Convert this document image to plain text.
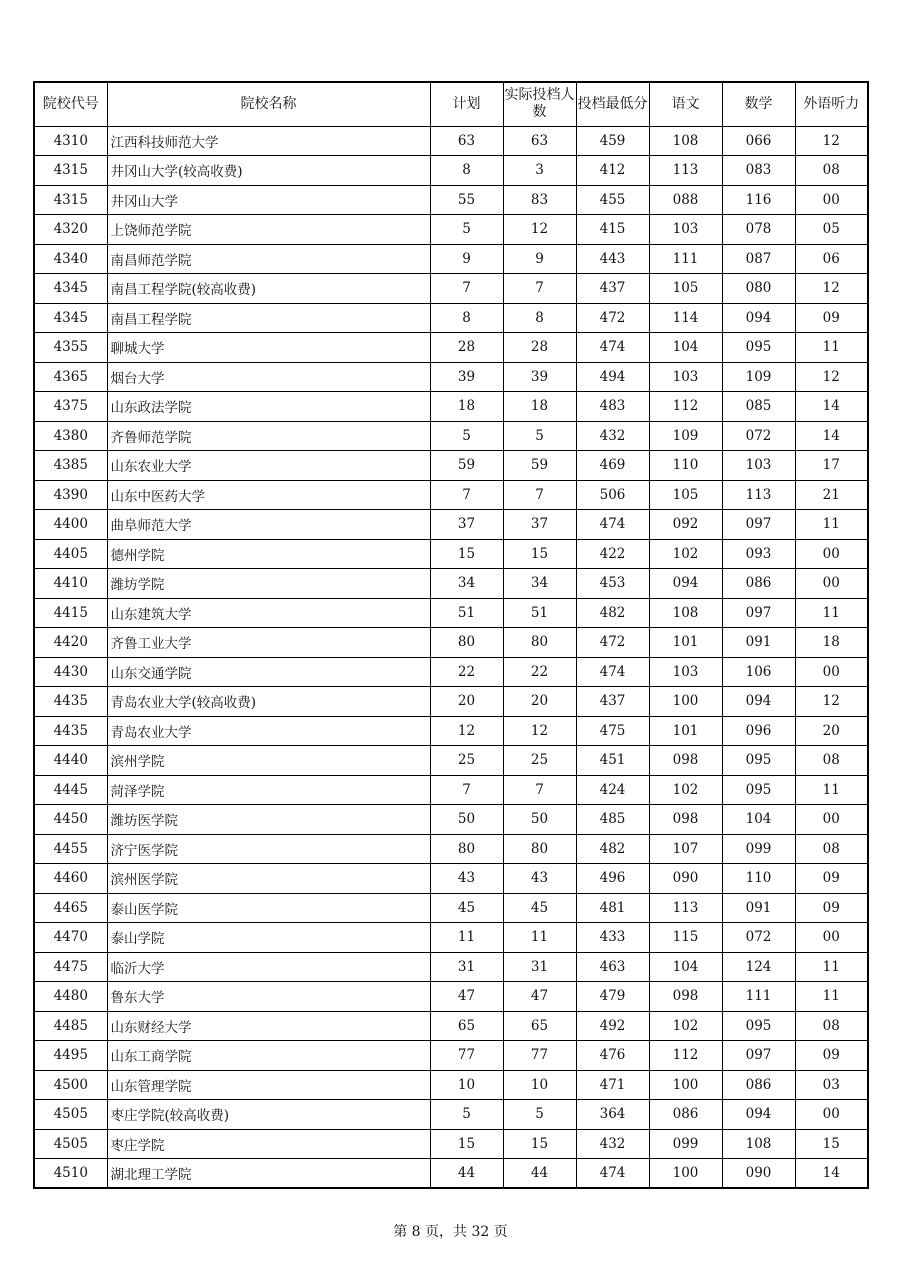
院校代号	院校名称	计划	实际投档人数	投档最低分	语文	数学	外语听力
4310	江西科技师范大学	63	63	459	108	066	12
4315	井冈山大学(较高收费)	8	3	412	113	083	08
4315	井冈山大学	55	83	455	088	116	00
4320	上饶师范学院	5	12	415	103	078	05
4340	南昌师范学院	9	9	443	111	087	06
4345	南昌工程学院(较高收费)	7	7	437	105	080	12
4345	南昌工程学院	8	8	472	114	094	09
4355	聊城大学	28	28	474	104	095	11
4365	烟台大学	39	39	494	103	109	12
4375	山东政法学院	18	18	483	112	085	14
4380	齐鲁师范学院	5	5	432	109	072	14
4385	山东农业大学	59	59	469	110	103	17
4390	山东中医药大学	7	7	506	105	113	21
4400	曲阜师范大学	37	37	474	092	097	11
4405	德州学院	15	15	422	102	093	00
4410	潍坊学院	34	34	453	094	086	00
4415	山东建筑大学	51	51	482	108	097	11
4420	齐鲁工业大学	80	80	472	101	091	18
4430	山东交通学院	22	22	474	103	106	00
4435	青岛农业大学(较高收费)	20	20	437	100	094	12
4435	青岛农业大学	12	12	475	101	096	20
4440	滨州学院	25	25	451	098	095	08
4445	菏泽学院	7	7	424	102	095	11
4450	潍坊医学院	50	50	485	098	104	00
4455	济宁医学院	80	80	482	107	099	08
4460	滨州医学院	43	43	496	090	110	09
4465	泰山医学院	45	45	481	113	091	09
4470	泰山学院	11	11	433	115	072	00
4475	临沂大学	31	31	463	104	124	11
4480	鲁东大学	47	47	479	098	111	11
4485	山东财经大学	65	65	492	102	095	08
4495	山东工商学院	77	77	476	112	097	09
4500	山东管理学院	10	10	471	100	086	03
4505	枣庄学院(较高收费)	5	5	364	086	094	00
4505	枣庄学院	15	15	432	099	108	15
4510	湖北理工学院	44	44	474	100	090	14
第 8 页，共 32 页
